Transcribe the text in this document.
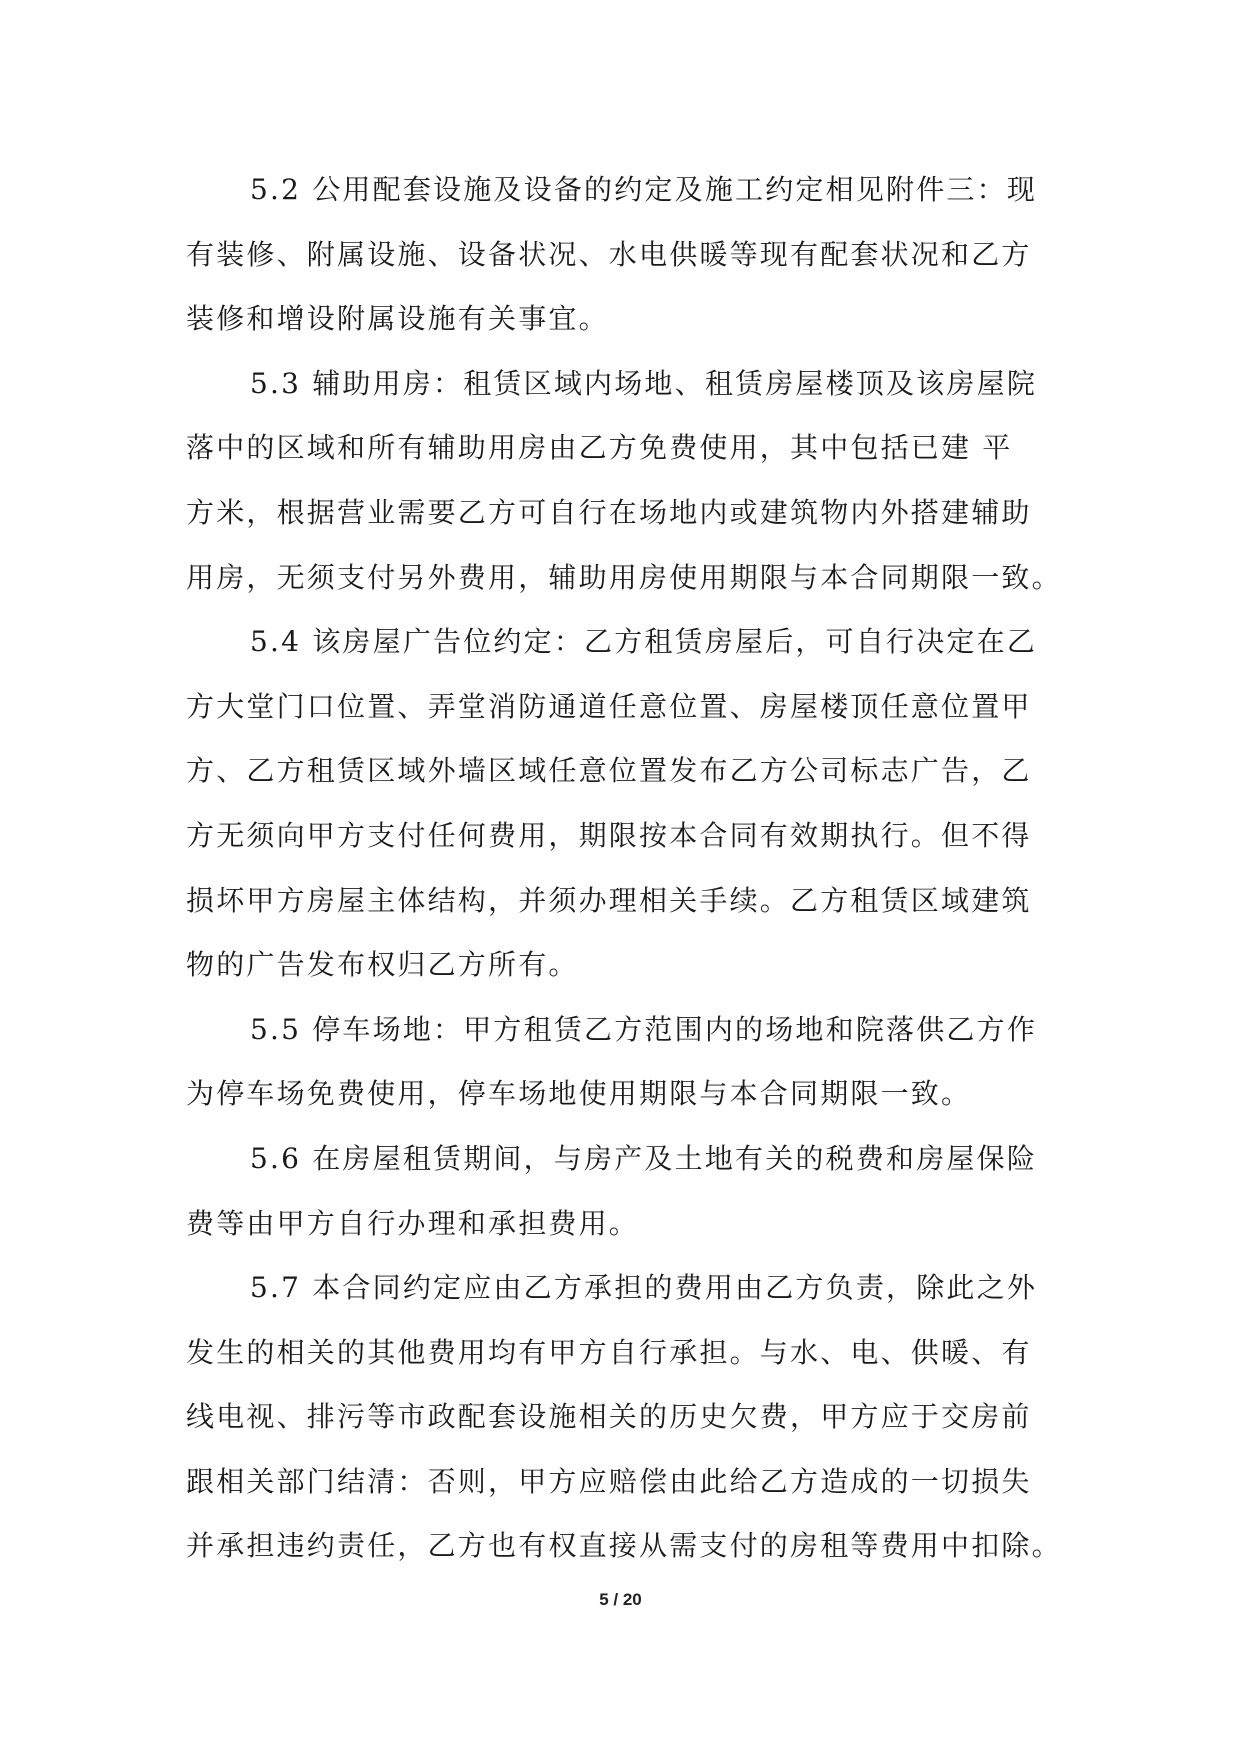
5.2 公用配套设施及设备的约定及施工约定相见附件三：现
有装修、附属设施、设备状况、水电供暖等现有配套状况和乙方
装修和增设附属设施有关事宜。
5.3 辅助用房：租赁区域内场地、租赁房屋楼顶及该房屋院
落中的区域和所有辅助用房由乙方免费使用，其中包括已建 平
方米，根据营业需要乙方可自行在场地内或建筑物内外搭建辅助
用房，无须支付另外费用，辅助用房使用期限与本合同期限一致。
5.4 该房屋广告位约定：乙方租赁房屋后，可自行决定在乙
方大堂门口位置、弄堂消防通道任意位置、房屋楼顶任意位置甲
方、乙方租赁区域外墙区域任意位置发布乙方公司标志广告，乙
方无须向甲方支付任何费用，期限按本合同有效期执行。但不得
损坏甲方房屋主体结构，并须办理相关手续。乙方租赁区域建筑
物的广告发布权归乙方所有。
5.5 停车场地：甲方租赁乙方范围内的场地和院落供乙方作
为停车场免费使用，停车场地使用期限与本合同期限一致。
5.6 在房屋租赁期间，与房产及土地有关的税费和房屋保险
费等由甲方自行办理和承担费用。
5.7 本合同约定应由乙方承担的费用由乙方负责，除此之外
发生的相关的其他费用均有甲方自行承担。与水、电、供暖、有
线电视、排污等市政配套设施相关的历史欠费，甲方应于交房前
跟相关部门结清：否则，甲方应赔偿由此给乙方造成的一切损失
并承担违约责任，乙方也有权直接从需支付的房租等费用中扣除。
5 / 20
